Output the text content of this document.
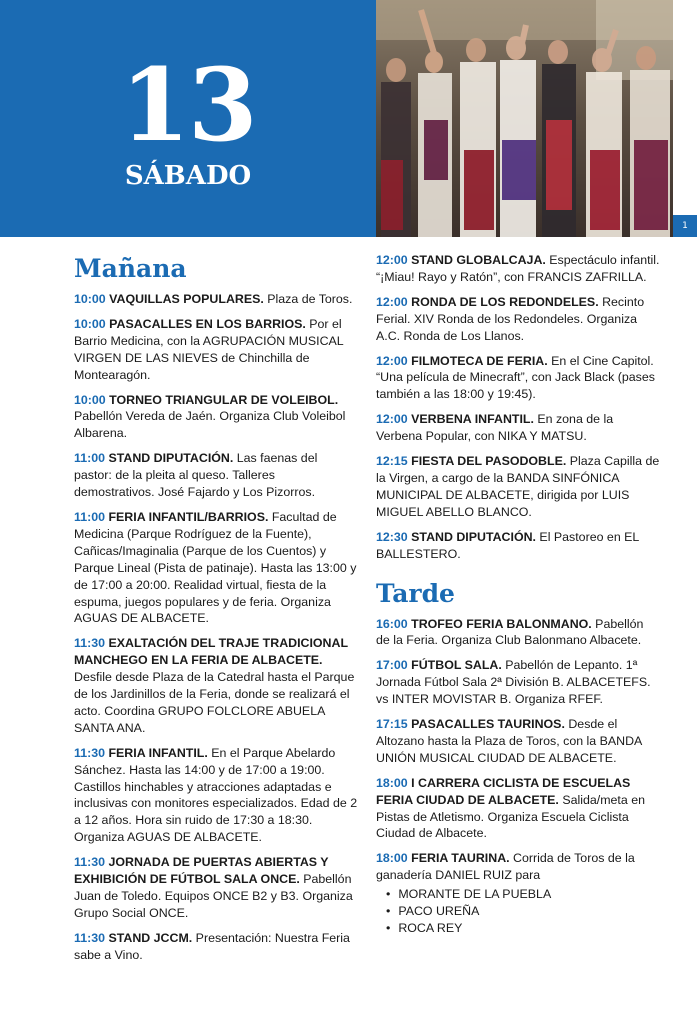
13
SÁBADO
1
Mañana

10:00 VAQUILLAS POPULARES. Plaza de Toros.

10:00 PASACALLES EN LOS BARRIOS. Por el Barrio Medicina, con la AGRUPACIÓN MUSICAL VIRGEN DE LAS NIEVES de Chinchilla de Montearagón.

10:00 TORNEO TRIANGULAR DE VOLEIBOL. Pabellón Vereda de Jaén. Organiza Club Voleibol Albarena.

11:00 STAND DIPUTACIÓN. Las faenas del pastor: de la pleita al queso. Talleres demostrativos. José Fajardo y Los Pizorros.

11:00 FERIA INFANTIL/BARRIOS. Facultad de Medicina (Parque Rodríguez de la Fuente), Cañicas/Imaginalia (Parque de los Cuentos) y Parque Lineal (Pista de patinaje). Hasta las 13:00 y de 17:00 a 20:00. Realidad virtual, fiesta de la espuma, juegos populares y de feria. Organiza AGUAS DE ALBACETE.

11:30 EXALTACIÓN DEL TRAJE TRADICIONAL MANCHEGO EN LA FERIA DE ALBACETE. Desfile desde Plaza de la Catedral hasta el Parque de los Jardinillos de la Feria, donde se realizará el acto. Coordina GRUPO FOLCLORE ABUELA SANTA ANA.

11:30 FERIA INFANTIL. En el Parque Abelardo Sánchez. Hasta las 14:00 y de 17:00 a 19:00. Castillos hinchables y atracciones adaptadas e inclusivas con monitores especializados. Edad de 2 a 12 años. Hora sin ruido de 17:30 a 18:30. Organiza AGUAS DE ALBACETE.

11:30 JORNADA DE PUERTAS ABIERTAS Y EXHIBICIÓN DE FÚTBOL SALA ONCE. Pabellón Juan de Toledo. Equipos ONCE B2 y B3. Organiza Grupo Social ONCE.

11:30 STAND JCCM. Presentación: Nuestra Feria sabe a Vino.

12:00 STAND GLOBALCAJA. Espectáculo infantil. “¡Miau! Rayo y Ratón”, con FRANCIS ZAFRILLA.

12:00 RONDA DE LOS REDONDELES. Recinto Ferial. XIV Ronda de los Redondeles. Organiza A.C. Ronda de Los Llanos.

12:00 FILMOTECA DE FERIA. En el Cine Capitol. “Una película de Minecraft”, con Jack Black (pases también a las 18:00 y 19:45).

12:00 VERBENA INFANTIL. En zona de la Verbena Popular, con NIKA Y MATSU.

12:15 FIESTA DEL PASODOBLE. Plaza Capilla de la Virgen, a cargo de la BANDA SINFÓNICA MUNICIPAL DE ALBACETE, dirigida por LUIS MIGUEL ABELLO BLANCO.

12:30 STAND DIPUTACIÓN. El Pastoreo en EL BALLESTERO.

Tarde

16:00 TROFEO FERIA BALONMANO. Pabellón de la Feria. Organiza Club Balonmano Albacete.

17:00 FÚTBOL SALA. Pabellón de Lepanto. 1ª Jornada Fútbol Sala 2ª División B. ALBACETEFS. vs INTER MOVISTAR B. Organiza RFEF.

17:15 PASACALLES TAURINOS. Desde el Altozano hasta la Plaza de Toros, con la BANDA UNIÓN MUSICAL CIUDAD DE ALBACETE.

18:00 I CARRERA CICLISTA DE ESCUELAS FERIA CIUDAD DE ALBACETE. Salida/meta en Pistas de Atletismo. Organiza Escuela Ciclista Ciudad de Albacete.

18:00 FERIA TAURINA. Corrida de Toros de la ganadería DANIEL RUIZ para
• MORANTE DE LA PUEBLA
• PACO UREÑA
• ROCA REY
